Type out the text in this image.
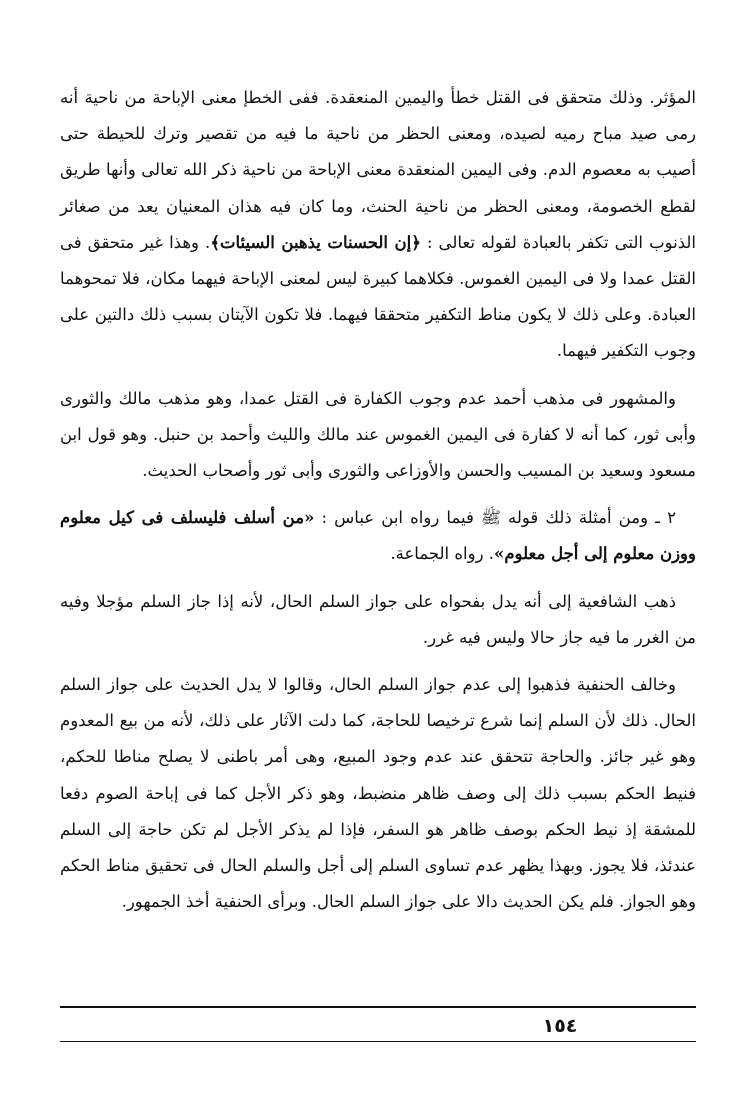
المؤثر. وذلك متحقق فى القتل خطأ واليمين المنعقدة. ففى الخطإ معنى الإباحة من ناحية أنه رمى صيد مباح رميه لصيده، ومعنى الحظر من ناحية ما فيه من تقصير وترك للحيطة حتى أصيب به معصوم الدم. وفى اليمين المنعقدة معنى الإباحة من ناحية ذكر الله تعالى وأنها طريق لقطع الخصومة، ومعنى الحظر من ناحية الحنث، وما كان فيه هذان المعنيان يعد من صغائر الذنوب التى تكفر بالعبادة لقوله تعالى : ﴿إن الحسنات يذهبن السيئات﴾. وهذا غير متحقق فى القتل عمدا ولا فى اليمين الغموس. فكلاهما كبيرة ليس لمعنى الإباحة فيهما مكان، فلا تمحوهما العبادة. وعلى ذلك لا يكون مناط التكفير متحققا فيهما. فلا تكون الآيتان بسبب ذلك دالتين على وجوب التكفير فيهما.

والمشهور فى مذهب أحمد عدم وجوب الكفارة فى القتل عمدا، وهو مذهب مالك والثورى وأبى ثور، كما أنه لا كفارة فى اليمين الغموس عند مالك والليث وأحمد بن حنبل. وهو قول ابن مسعود وسعيد بن المسيب والحسن والأوزاعى والثورى وأبى ثور وأصحاب الحديث.

٢ ـ ومن أمثلة ذلك قوله ﷺ فيما رواه ابن عباس : «من أسلف فليسلف فى كيل معلوم ووزن معلوم إلى أجل معلوم». رواه الجماعة.

ذهب الشافعية إلى أنه يدل بفحواه على جواز السلم الحال، لأنه إذا جاز السلم مؤجلا وفيه من الغرر ما فيه جاز حالا وليس فيه غرر.

وخالف الحنفية فذهبوا إلى عدم جواز السلم الحال، وقالوا لا يدل الحديث على جواز السلم الحال. ذلك لأن السلم إنما شرع ترخيصا للحاجة، كما دلت الآثار على ذلك، لأنه من بيع المعدوم وهو غير جائز. والحاجة تتحقق عند عدم وجود المبيع، وهى أمر باطنى لا يصلح مناطا للحكم، فنيط الحكم بسبب ذلك إلى وصف ظاهر منضبط، وهو ذكر الأجل كما فى إباحة الصوم دفعا للمشقة إذ نيط الحكم بوصف ظاهر هو السفر، فإذا لم يذكر الأجل لم تكن حاجة إلى السلم عندئذ، فلا يجوز. وبهذا يظهر عدم تساوى السلم إلى أجل والسلم الحال فى تحقيق مناط الحكم وهو الجواز. فلم يكن الحديث دالا على جواز السلم الحال. وبرأى الحنفية أخذ الجمهور.

١٥٤
